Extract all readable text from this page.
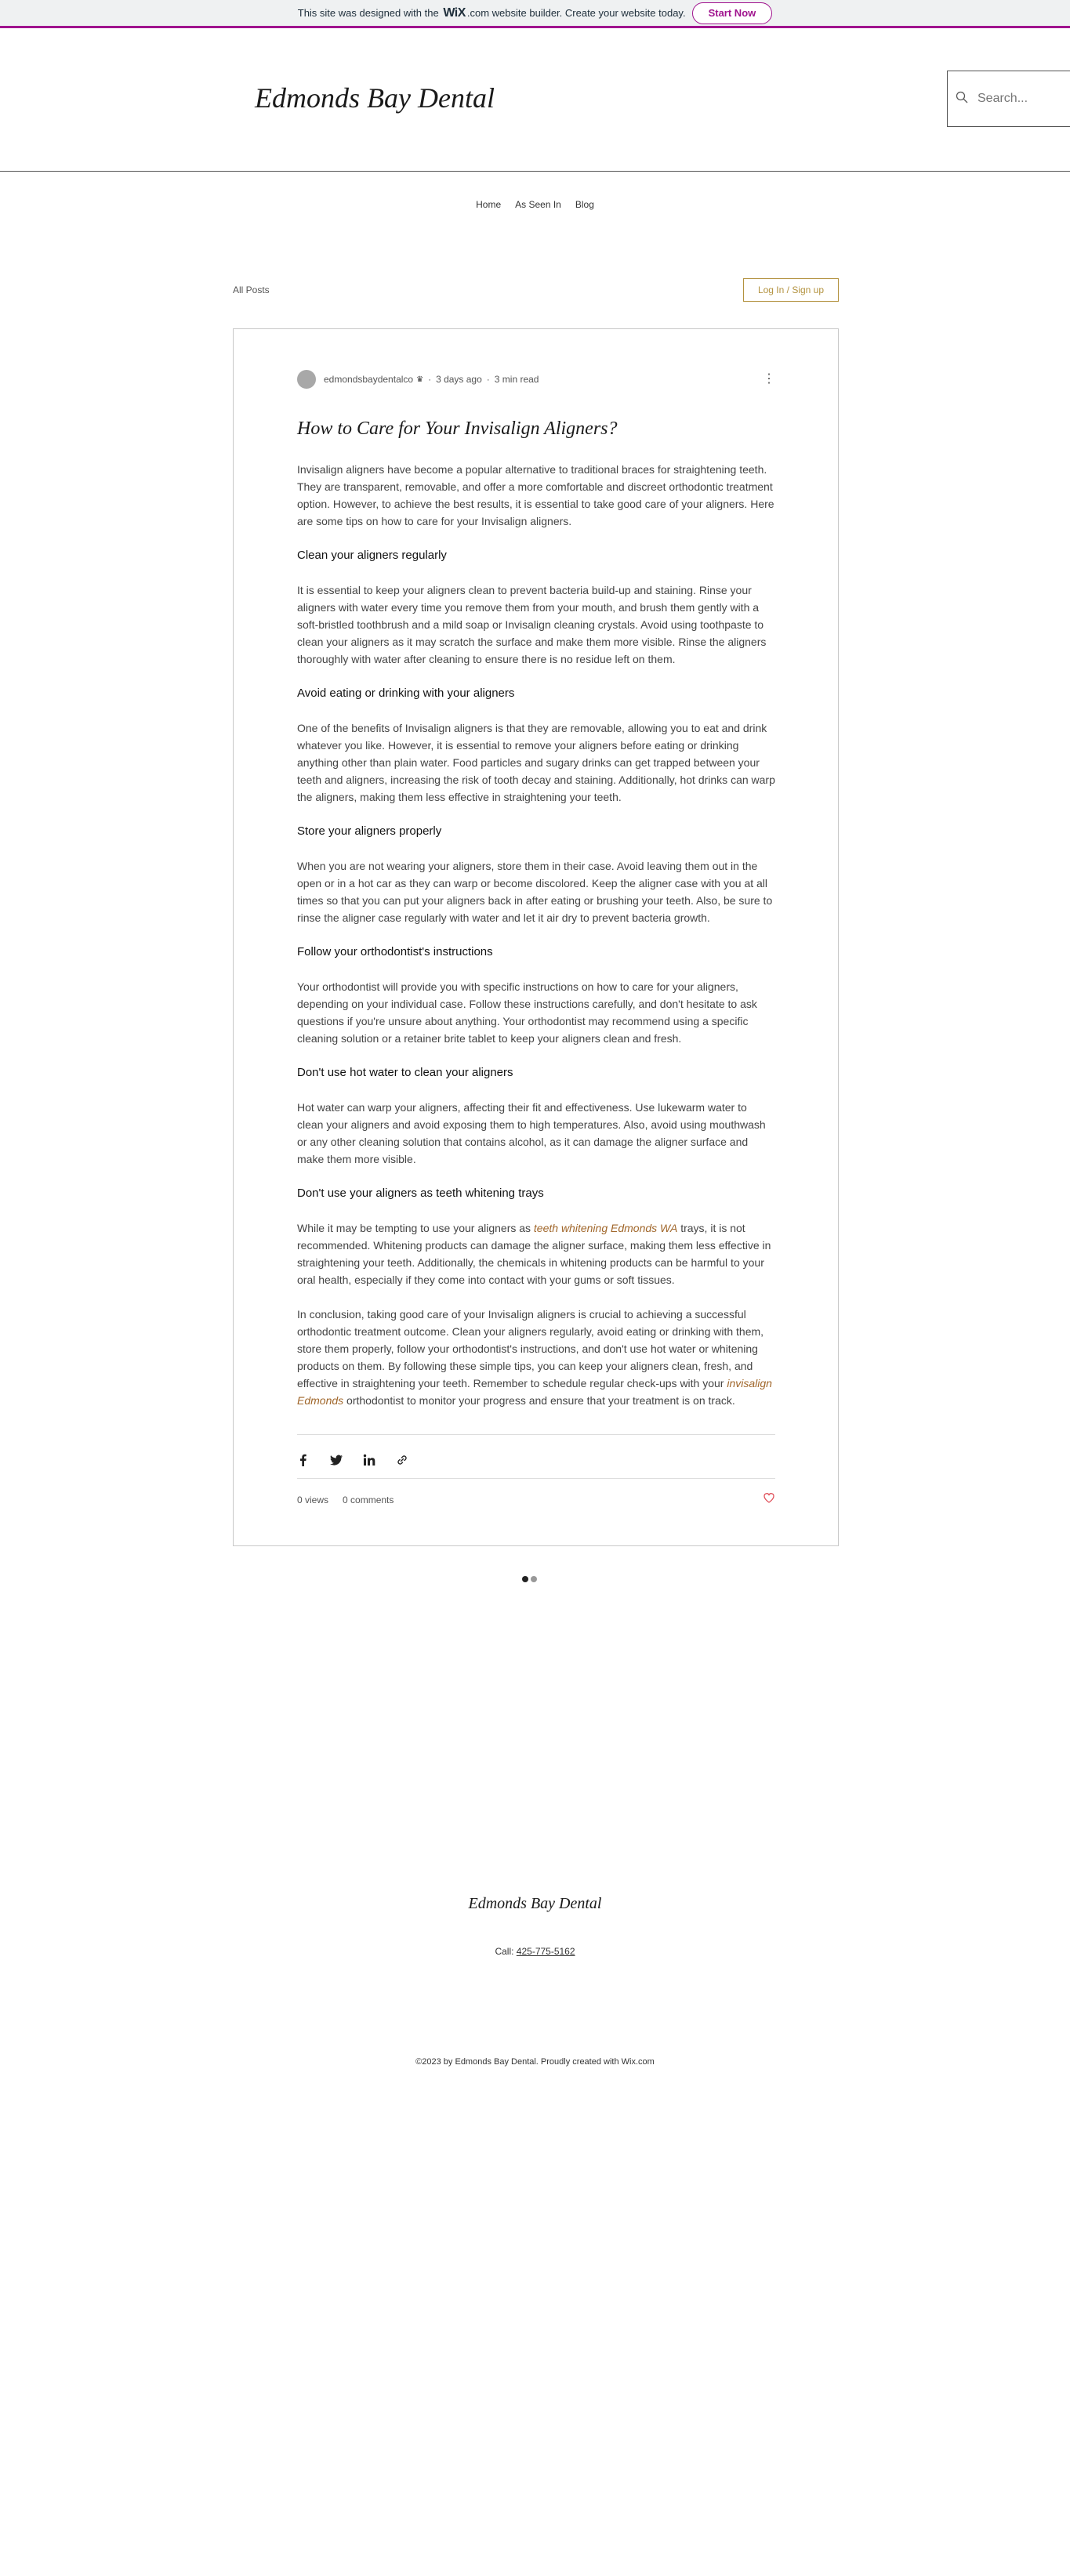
This site was designed with the
WiX .com website builder. Create your website today.	Start Now
Edmonds Bay Dental
Search...
Home As Seen In Blog
All Posts	Log In / Sign up
edmondsbaydentalco ♛ · 3 days ago · 3 min read	⋮
How to Care for Your Invisalign Aligners?

Invisalign aligners have become a popular alternative to traditional braces for straightening teeth. They are transparent, removable, and offer a more comfortable and discreet orthodontic treatment option. However, to achieve the best results, it is essential to take good care of your aligners. Here are some tips on how to care for your Invisalign aligners.

Clean your aligners regularly

It is essential to keep your aligners clean to prevent bacteria build-up and staining. Rinse your aligners with water every time you remove them from your mouth, and brush them gently with a soft-bristled toothbrush and a mild soap or Invisalign cleaning crystals. Avoid using toothpaste to clean your aligners as it may scratch the surface and make them more visible. Rinse the aligners thoroughly with water after cleaning to ensure there is no residue left on them.

Avoid eating or drinking with your aligners

One of the benefits of Invisalign aligners is that they are removable, allowing you to eat and drink whatever you like. However, it is essential to remove your aligners before eating or drinking anything other than plain water. Food particles and sugary drinks can get trapped between your teeth and aligners, increasing the risk of tooth decay and staining. Additionally, hot drinks can warp the aligners, making them less effective in straightening your teeth.

Store your aligners properly

When you are not wearing your aligners, store them in their case. Avoid leaving them out in the open or in a hot car as they can warp or become discolored. Keep the aligner case with you at all times so that you can put your aligners back in after eating or brushing your teeth. Also, be sure to rinse the aligner case regularly with water and let it air dry to prevent bacteria growth.

Follow your orthodontist's instructions

Your orthodontist will provide you with specific instructions on how to care for your aligners, depending on your individual case. Follow these instructions carefully, and don't hesitate to ask questions if you're unsure about anything. Your orthodontist may recommend using a specific cleaning solution or a retainer brite tablet to keep your aligners clean and fresh.

Don't use hot water to clean your aligners

Hot water can warp your aligners, affecting their fit and effectiveness. Use lukewarm water to clean your aligners and avoid exposing them to high temperatures. Also, avoid using mouthwash or any other cleaning solution that contains alcohol, as it can damage the aligner surface and make them more visible.

Don't use your aligners as teeth whitening trays

While it may be tempting to use your aligners as teeth whitening Edmonds WA trays, it is not recommended. Whitening products can damage the aligner surface, making them less effective in straightening your teeth. Additionally, the chemicals in whitening products can be harmful to your oral health, especially if they come into contact with your gums or soft tissues.

In conclusion, taking good care of your Invisalign aligners is crucial to achieving a successful orthodontic treatment outcome. Clean your aligners regularly, avoid eating or drinking with them, store them properly, follow your orthodontist's instructions, and don't use hot water or whitening products on them. By following these simple tips, you can keep your aligners clean, fresh, and effective in straightening your teeth. Remember to schedule regular check-ups with your invisalign Edmonds orthodontist to monitor your progress and ensure that your treatment is on track.

0 views 0 comments
Edmonds Bay Dental
Call: 425-775-5162
©2023 by Edmonds Bay Dental. Proudly created with Wix.com
